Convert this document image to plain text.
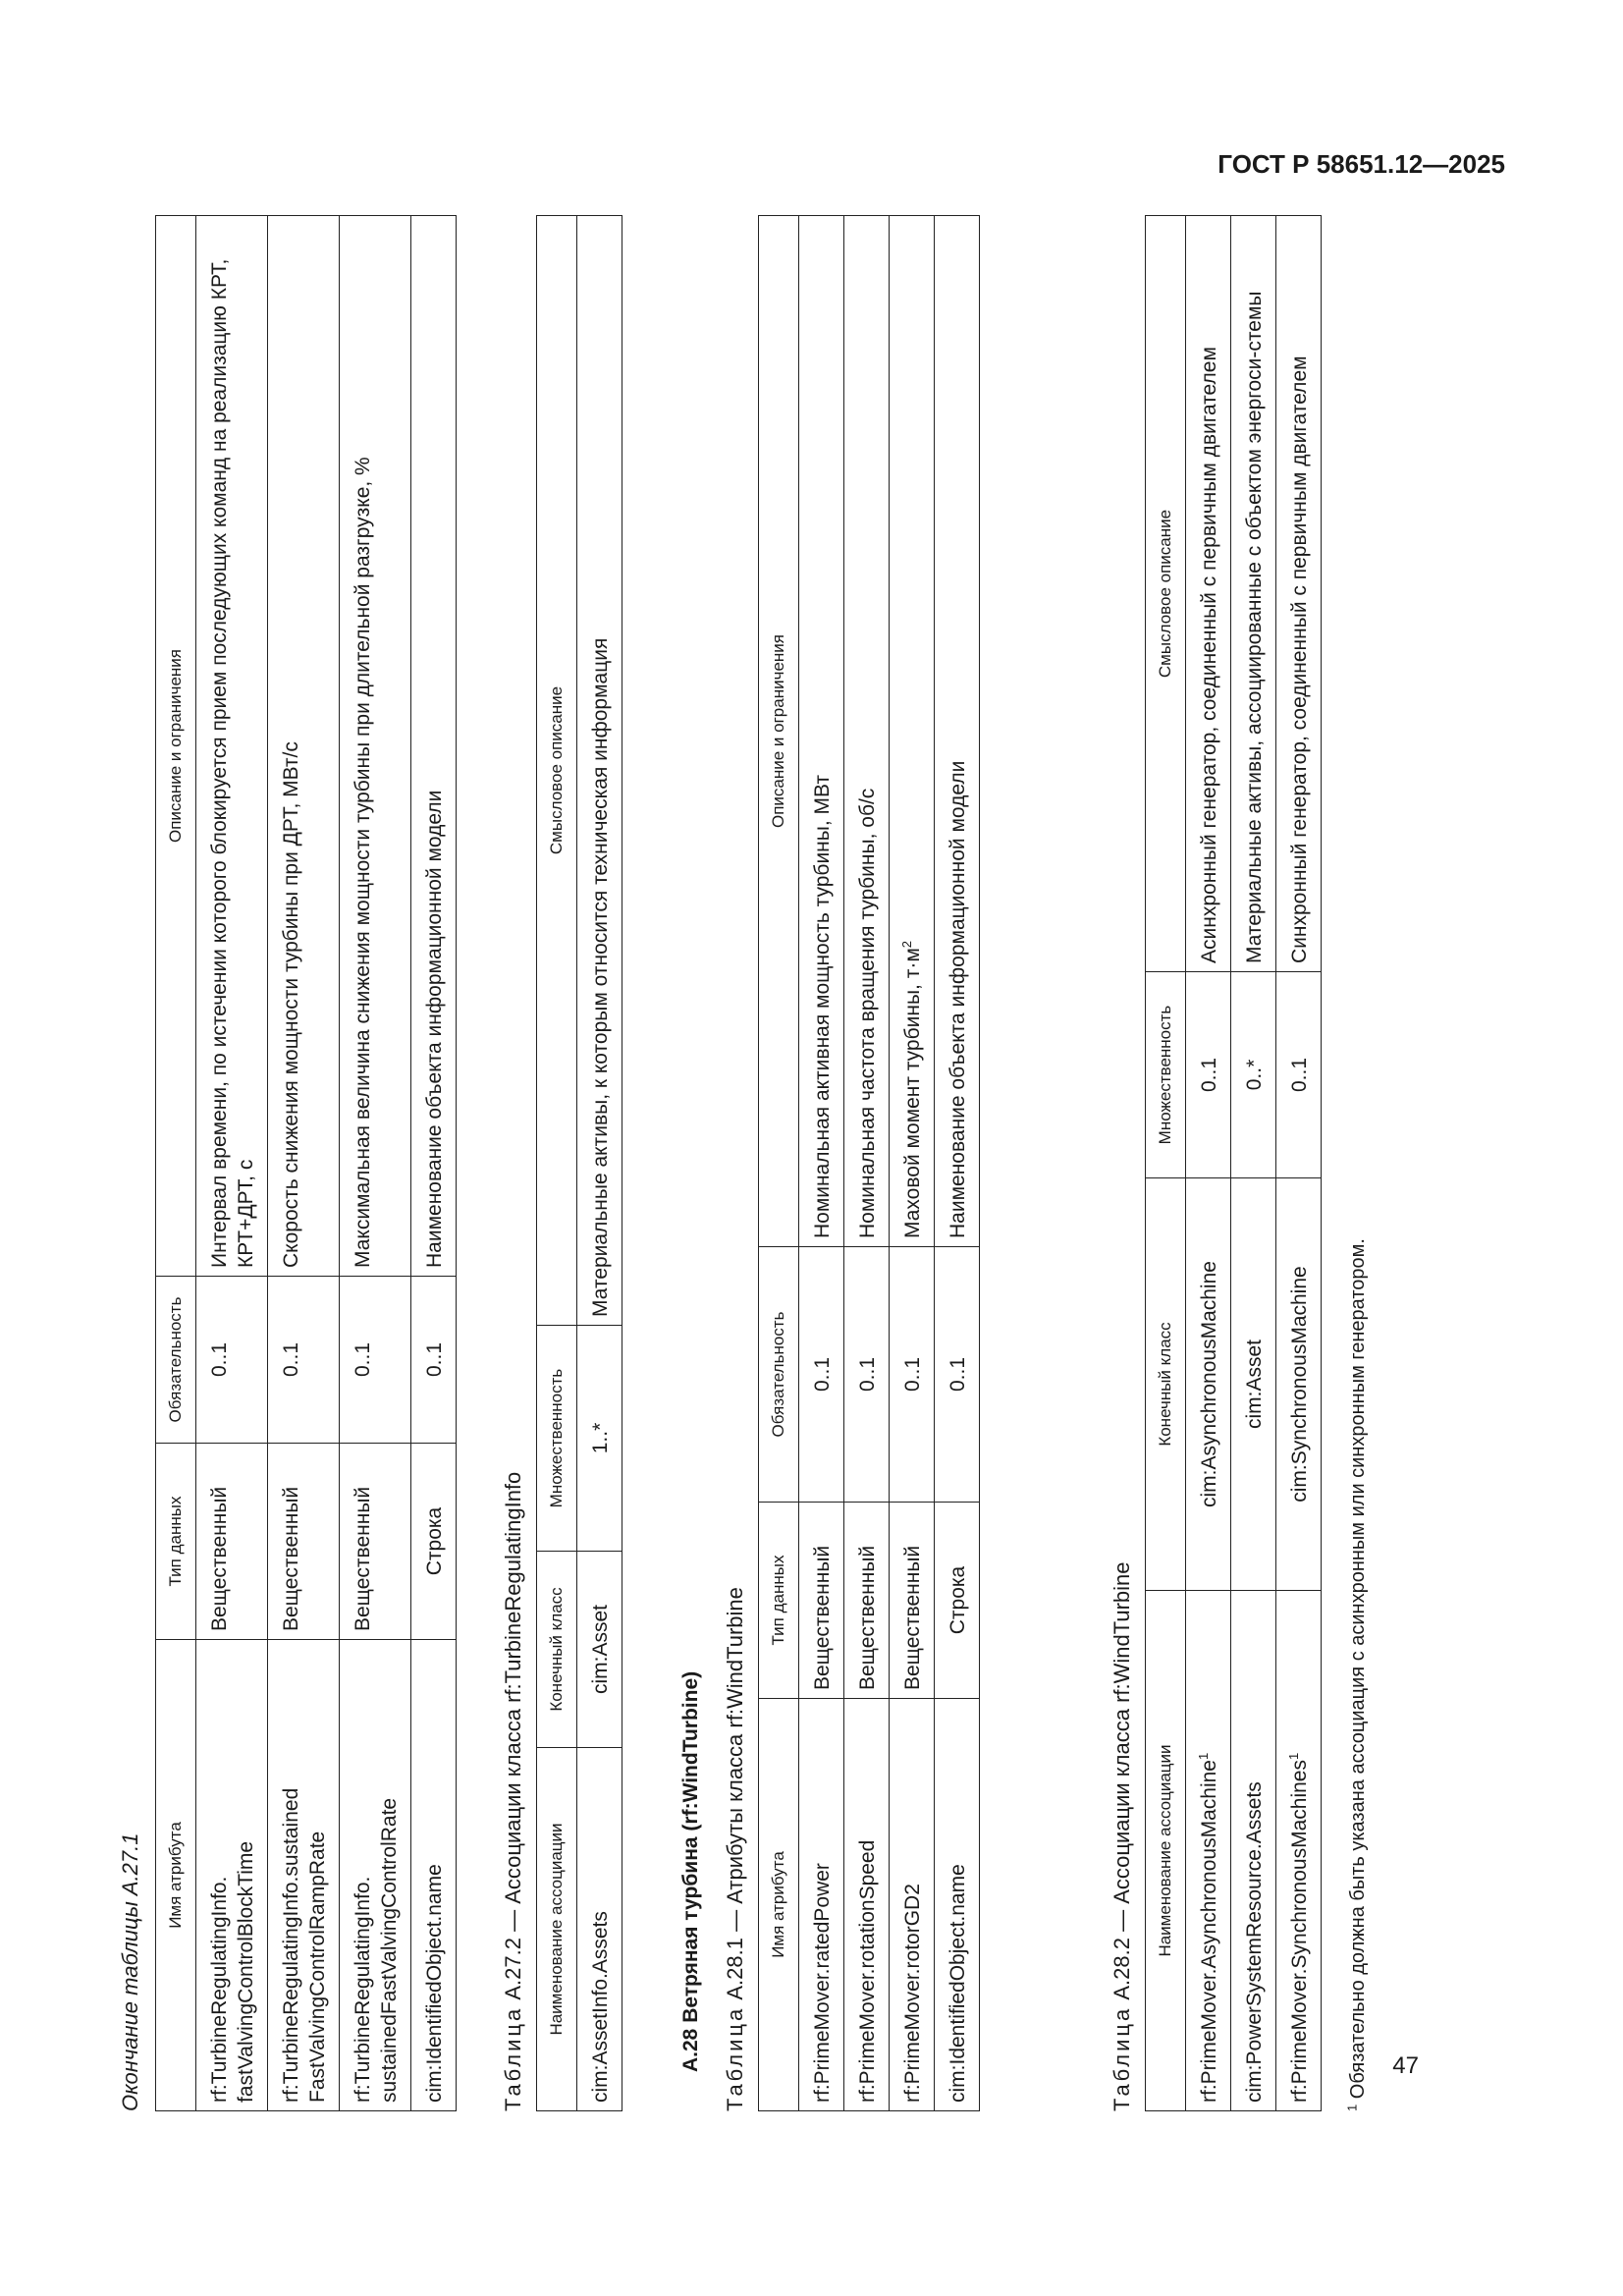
ГОСТ Р 58651.12—2025
Окончание таблицы А.27.1 Имя атрибута	Тип данных	Обязательность	Описание и ограничения
rf:TurbineRegulatingInfo. fastValvingControlBlockTime	Вещественный	0..1	Интервал времени, по истечении которого блокируется прием последующих команд на реализацию КРТ, КРТ+ДРТ, с
rf:TurbineRegulatingInfo.sustained FastValvingControlRampRate	Вещественный	0..1	Скорость снижения мощности турбины при ДРТ, МВт/с
rf:TurbineRegulatingInfo. sustainedFastValvingControlRate	Вещественный	0..1	Максимальная величина снижения мощности турбины при длительной разгрузке, %
cim:IdentifiedObject.name	Строка	0..1	Наименование объекта информационной модели
Таблица А.27.2 — Ассоциации класса rf:TurbineRegulatingInfo Наименование ассоциации	Конечный класс	Множественность	Смысловое описание
cim:AssetInfo.Assets	cim:Asset	1..*	Материальные активы, к которым относится техническая информация
А.28 Ветряная турбина (rf:WindTurbine) Таблица А.28.1 — Атрибуты класса rf:WindTurbine Имя атрибута	Тип данных	Обязательность	Описание и ограничения
rf:PrimeMover.ratedPower	Вещественный	0..1	Номинальная активная мощность турбины, МВт
rf:PrimeMover.rotationSpeed	Вещественный	0..1	Номинальная частота вращения турбины, об/с
rf:PrimeMover.rotorGD2	Вещественный	0..1	Маховой момент турбины, $т\cdot м^2$
cim:IdentifiedObject.name	Строка	0..1	Наименование объекта информационной модели
Таблица А.28.2 — Ассоциации класса rf:WindTurbine Наименование ассоциации	Конечный класс	Множественность	Смысловое описание
rf:PrimeMover.AsynchronousMachine$^1$	cim:AsynchronousMachine	0..1	Асинхронный генератор, соединенный с первичным двигателем
cim:PowerSystemResource.Assets	cim:Asset	0..*	Материальные активы, ассоциированные с объектом энергоси-стемы
rf:PrimeMover.SynchronousMachines$^1$	cim:SynchronousMachine	0..1	Синхронный генератор, соединенный с первичным двигателем
$^1$ Обязательно должна быть указана ассоциация с асинхронным или синхронным генератором. 47
